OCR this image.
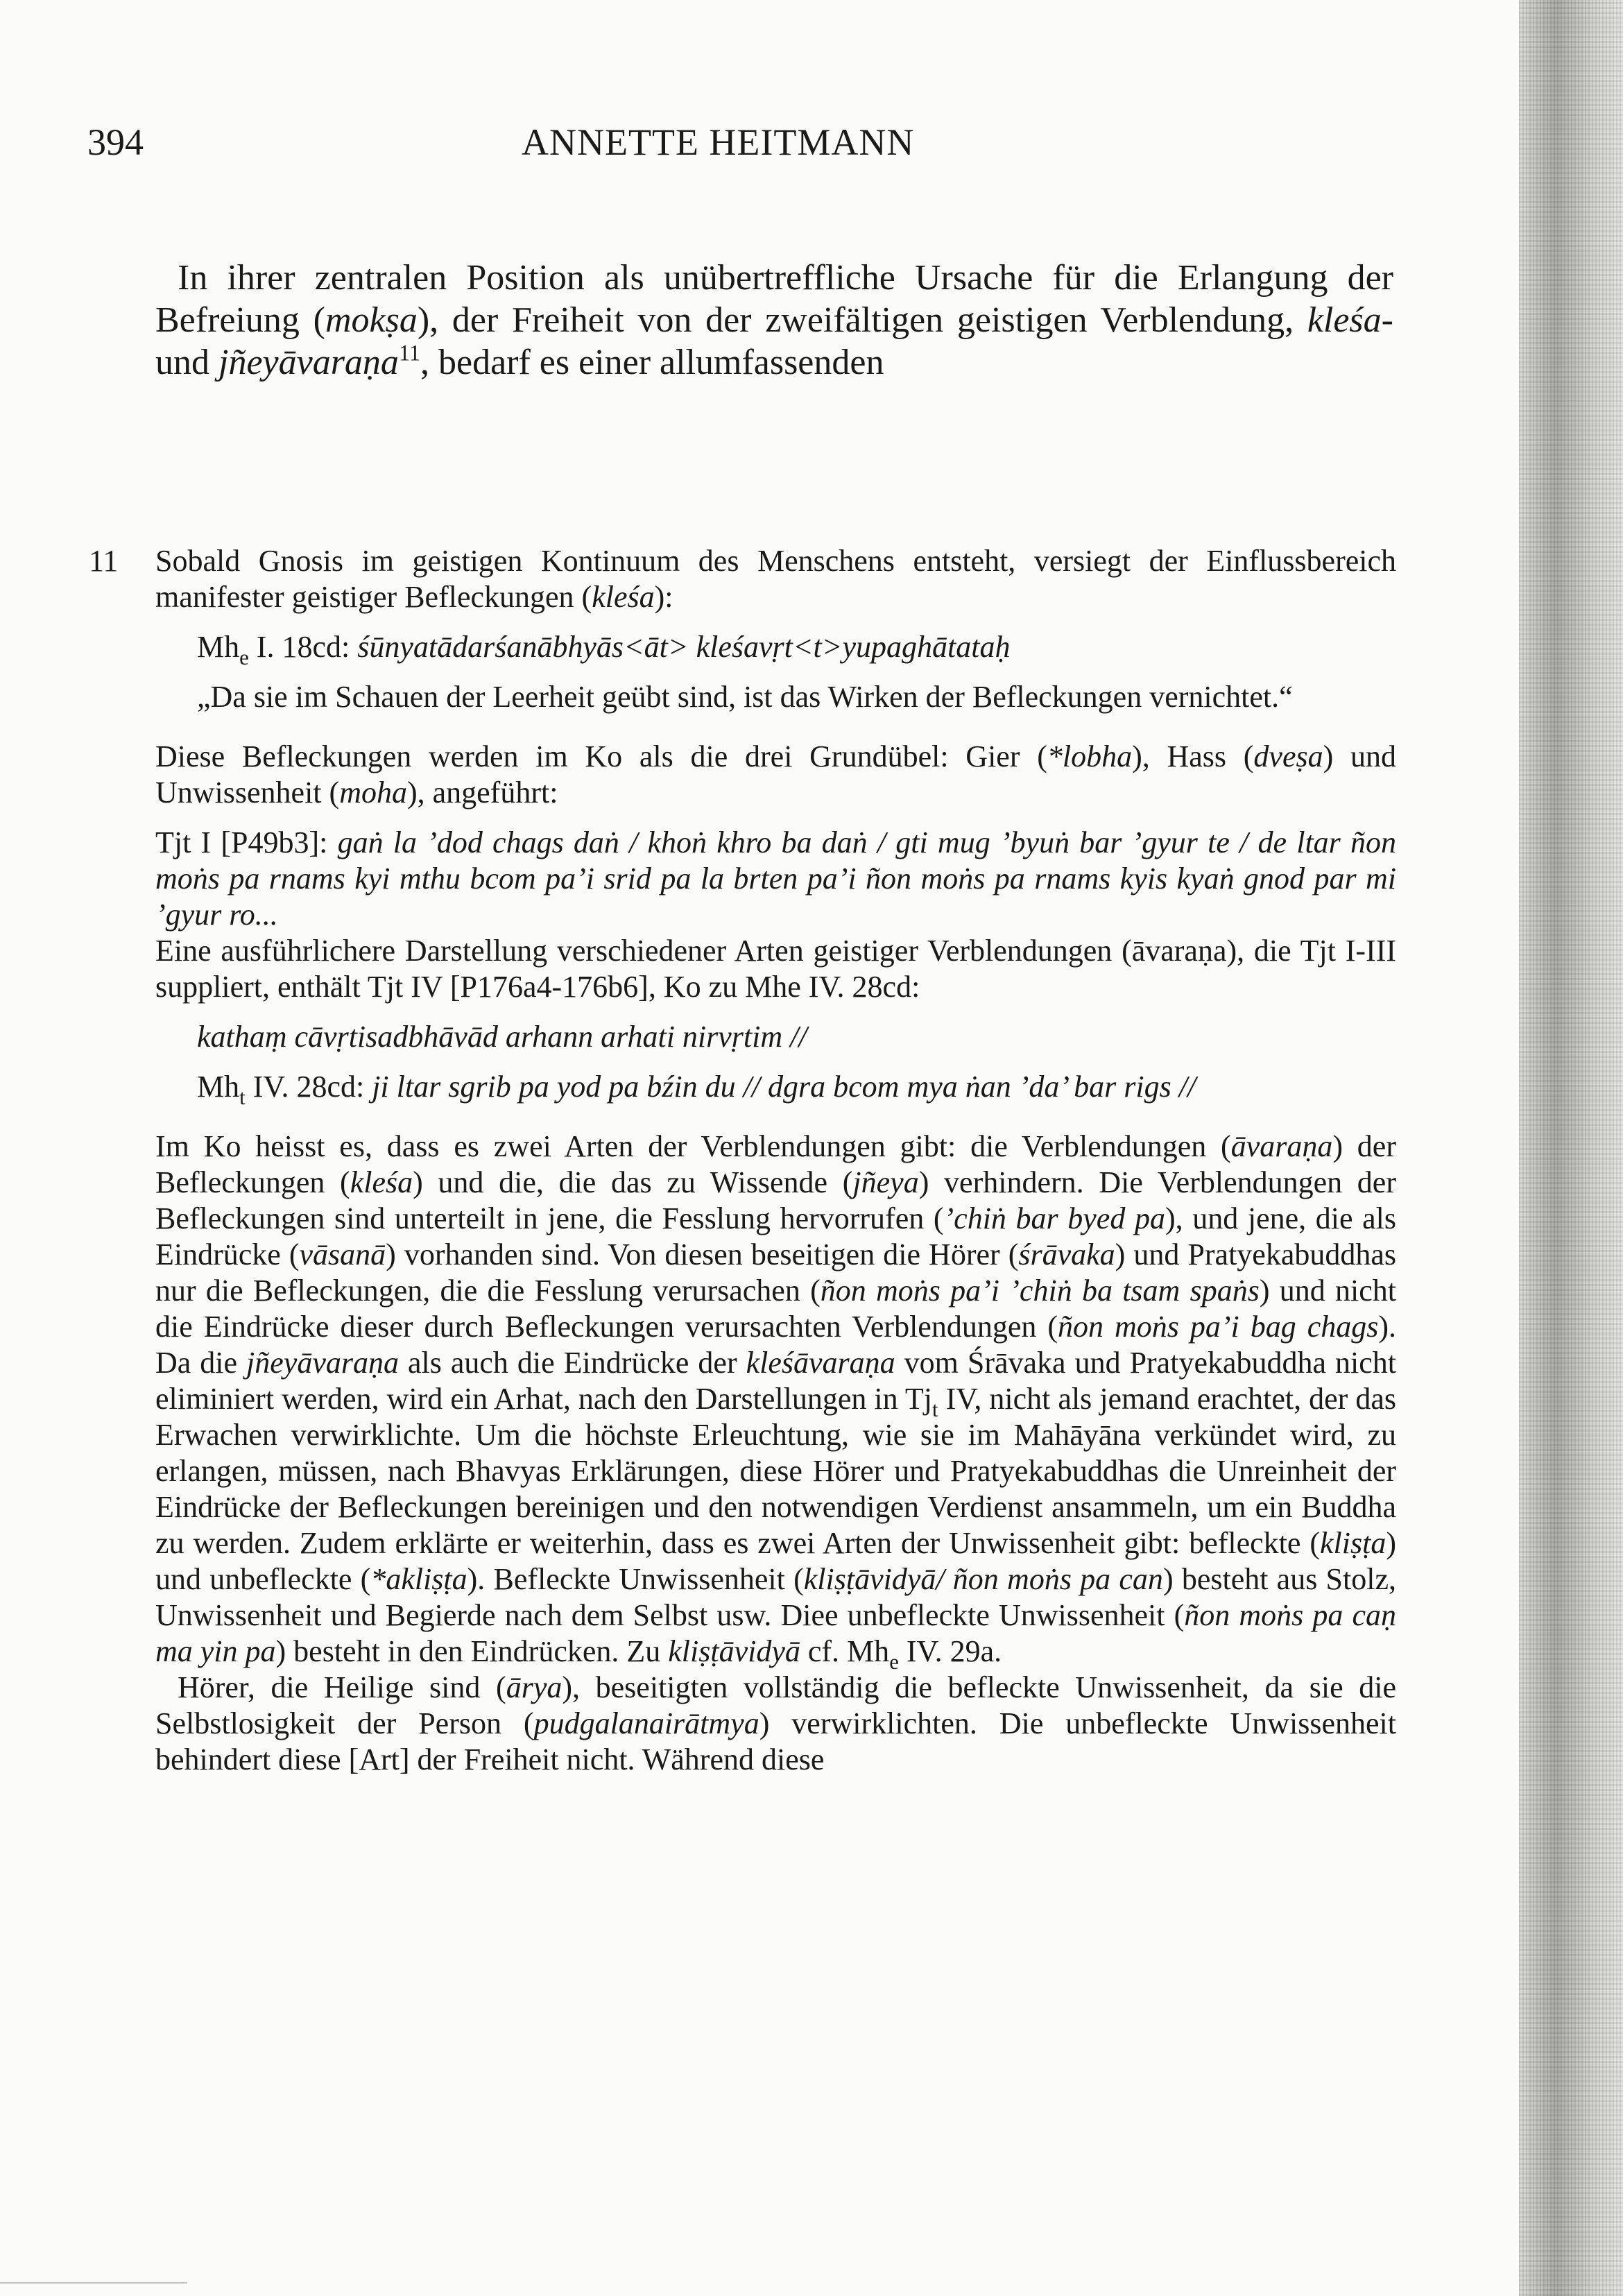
394	ANNETTE HEITMANN

In ihrer zentralen Position als unübertreffliche Ursache für die Erlangung der Befreiung (mokṣa), der Freiheit von der zweifältigen geistigen Verblendung, kleśa- und jñeyāvaraṇa$^{11}$, bedarf es einer allumfassenden

11 Sobald Gnosis im geistigen Kontinuum des Menschens entsteht, versiegt der Einflussbereich manifester geistiger Befleckungen (kleśa):

$Mh_e$ I. 18cd: śūnyatādarśanābhyās<āt> kleśavṛt<t>yupaghātataḥ

„Da sie im Schauen der Leerheit geübt sind, ist das Wirken der Befleckungen vernichtet.“

Diese Befleckungen werden im Ko als die drei Grundübel: Gier (*lobha), Hass (dveṣa) und Unwissenheit (moha), angeführt:

Tjt I [P49b3]: gaṅ la ’dod chags daṅ / khoṅ khro ba daṅ / gti mug ’byuṅ bar ’gyur te / de ltar ñon moṅs pa rnams kyi mthu bcom pa’i srid pa la brten pa’i ñon moṅs pa rnams kyis kyaṅ gnod par mi ’gyur ro...

Eine ausführlichere Darstellung verschiedener Arten geistiger Verblendungen (āvaraṇa), die Tjt I-III suppliert, enthält Tjt IV [P176a4-176b6], Ko zu Mhe IV. 28cd:

kathaṃ cāvṛtisadbhāvād arhann arhati nirvṛtim //

$Mh_t$ IV. 28cd: ji ltar sgrib pa yod pa bźin du // dgra bcom mya ṅan ’da’ bar rigs //

Im Ko heisst es, dass es zwei Arten der Verblendungen gibt: die Verblendungen (āvaraṇa) der Befleckungen (kleśa) und die, die das zu Wissende (jñeya) verhindern. Die Verblendungen der Befleckungen sind unterteilt in jene, die Fesslung hervorrufen (’chiṅ bar byed pa), und jene, die als Eindrücke (vāsanā) vorhanden sind. Von diesen beseitigen die Hörer (śrāvaka) und Pratyekabuddhas nur die Befleckungen, die die Fesslung verursachen (ñon moṅs pa’i ’chiṅ ba tsam spaṅs) und nicht die Eindrücke dieser durch Befleckungen verursachten Verblendungen (ñon moṅs pa’i bag chags). Da die jñeyāvaraṇa als auch die Eindrücke der kleśāvaraṇa vom Śrāvaka und Pratyekabuddha nicht eliminiert werden, wird ein Arhat, nach den Darstellungen in $Tj_t$ IV, nicht als jemand erachtet, der das Erwachen verwirklichte. Um die höchste Erleuchtung, wie sie im Mahāyāna verkündet wird, zu erlangen, müssen, nach Bhavyas Erklärungen, diese Hörer und Pratyekabuddhas die Unreinheit der Eindrücke der Befleckungen bereinigen und den notwendigen Verdienst ansammeln, um ein Buddha zu werden. Zudem erklärte er weiterhin, dass es zwei Arten der Unwissenheit gibt: befleckte (kliṣṭa) und unbefleckte (*akliṣṭa). Befleckte Unwissenheit (kliṣṭāvidyā/ ñon moṅs pa can) besteht aus Stolz, Unwissenheit und Begierde nach dem Selbst usw. Diee unbefleckte Unwissenheit (ñon moṅs pa caṇ ma yin pa) besteht in den Eindrücken. Zu kliṣṭāvidyā cf. $Mh_e$ IV. 29a.

Hörer, die Heilige sind (ārya), beseitigten vollständig die befleckte Unwissenheit, da sie die Selbstlosigkeit der Person (pudgalanairātmya) verwirklichten. Die unbefleckte Unwissenheit behindert diese [Art] der Freiheit nicht. Während diese
